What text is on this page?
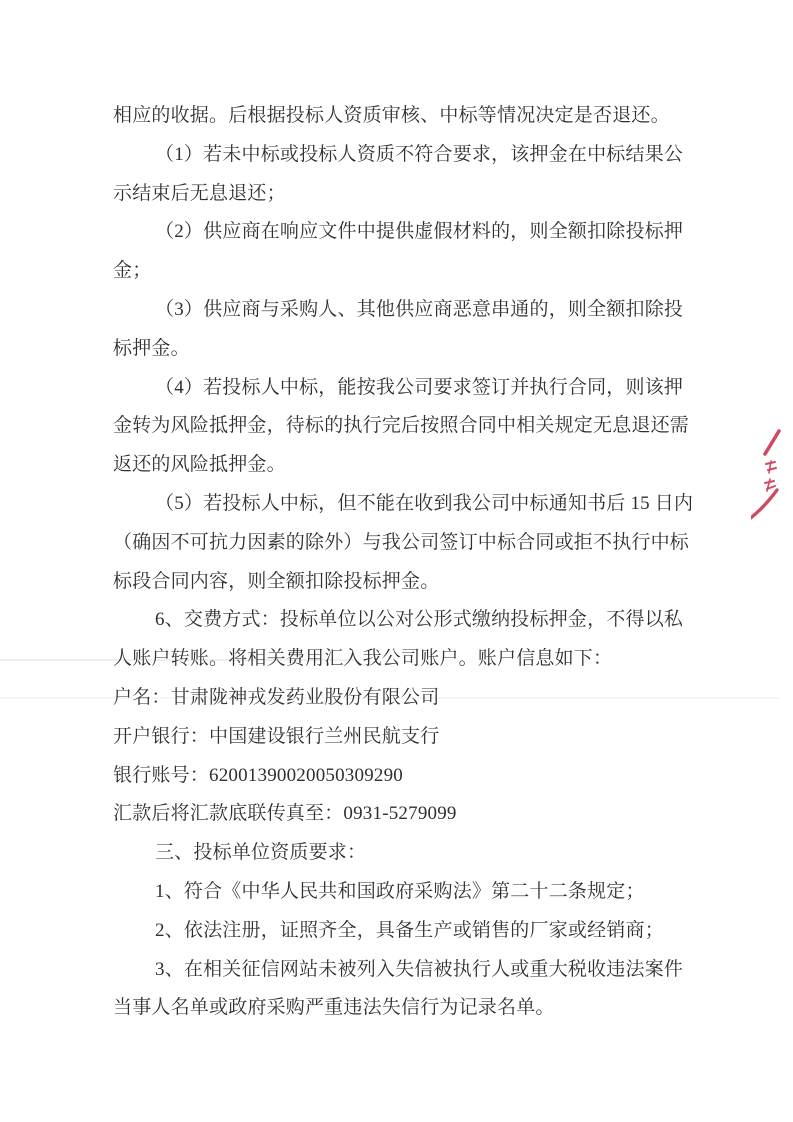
相应的收据。后根据投标人资质审核、中标等情况决定是否退还。
（1）若未中标或投标人资质不符合要求，该押金在中标结果公
示结束后无息退还；
（2）供应商在响应文件中提供虚假材料的，则全额扣除投标押
金；
（3）供应商与采购人、其他供应商恶意串通的，则全额扣除投
标押金。
（4）若投标人中标，能按我公司要求签订并执行合同，则该押
金转为风险抵押金，待标的执行完后按照合同中相关规定无息退还需
返还的风险抵押金。
（5）若投标人中标，但不能在收到我公司中标通知书后 15 日内
（确因不可抗力因素的除外）与我公司签订中标合同或拒不执行中标
标段合同内容，则全额扣除投标押金。
6、交费方式：投标单位以公对公形式缴纳投标押金，不得以私
人账户转账。将相关费用汇入我公司账户。账户信息如下：
户名：甘肃陇神戎发药业股份有限公司
开户银行：中国建设银行兰州民航支行
银行账号：62001390020050309290
汇款后将汇款底联传真至：0931-5279099
三、投标单位资质要求：
1、符合《中华人民共和国政府采购法》第二十二条规定；
2、依法注册，证照齐全，具备生产或销售的厂家或经销商；
3、在相关征信网站未被列入失信被执行人或重大税收违法案件
当事人名单或政府采购严重违法失信行为记录名单。
